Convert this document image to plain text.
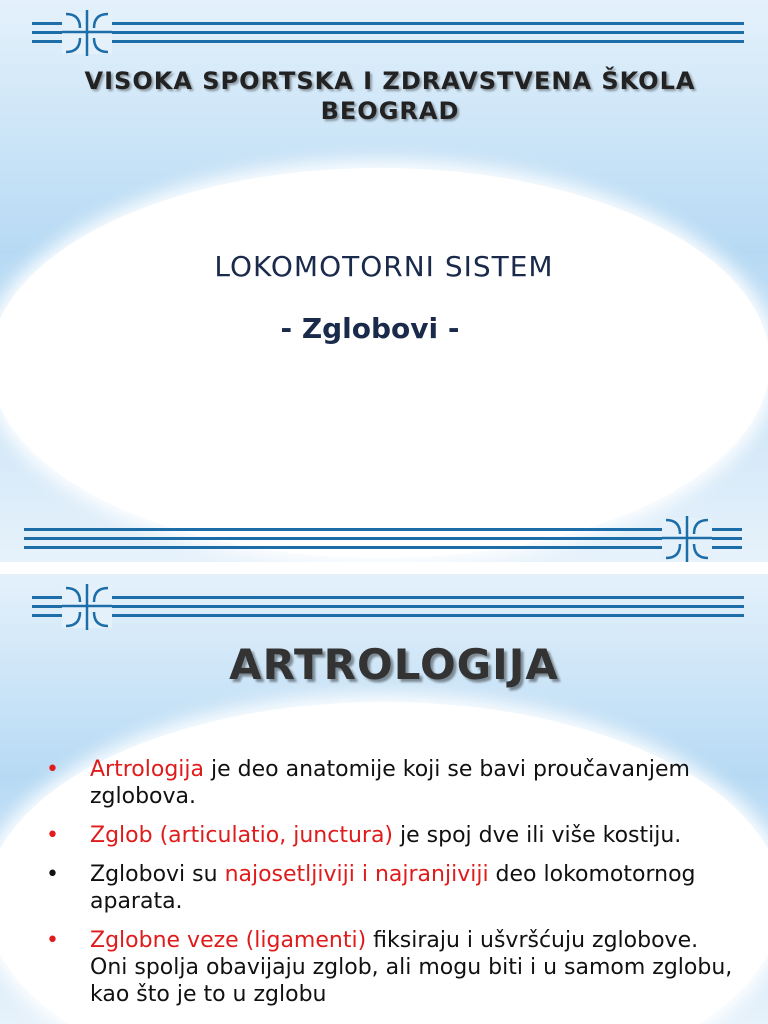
VISOKA SPORTSKA I ZDRAVSTVENA ŠKOLA
BEOGRAD
LOKOMOTORNI SISTEM
- Zglobovi -
ARTROLOGIJA
• Artrologija je deo anatomije koji se bavi proučavanjem zglobova.
• Zglob (articulatio, junctura) je spoj dve ili više kostiju.
• Zglobovi su najosetljiviji i najranjiviji deo lokomotornog aparata.
• Zglobne veze (ligamenti) fiksiraju i ušvršćuju zglobove. Oni spolja obavijaju zglob, ali mogu biti i u samom zglobu, kao što je to u zglobu
